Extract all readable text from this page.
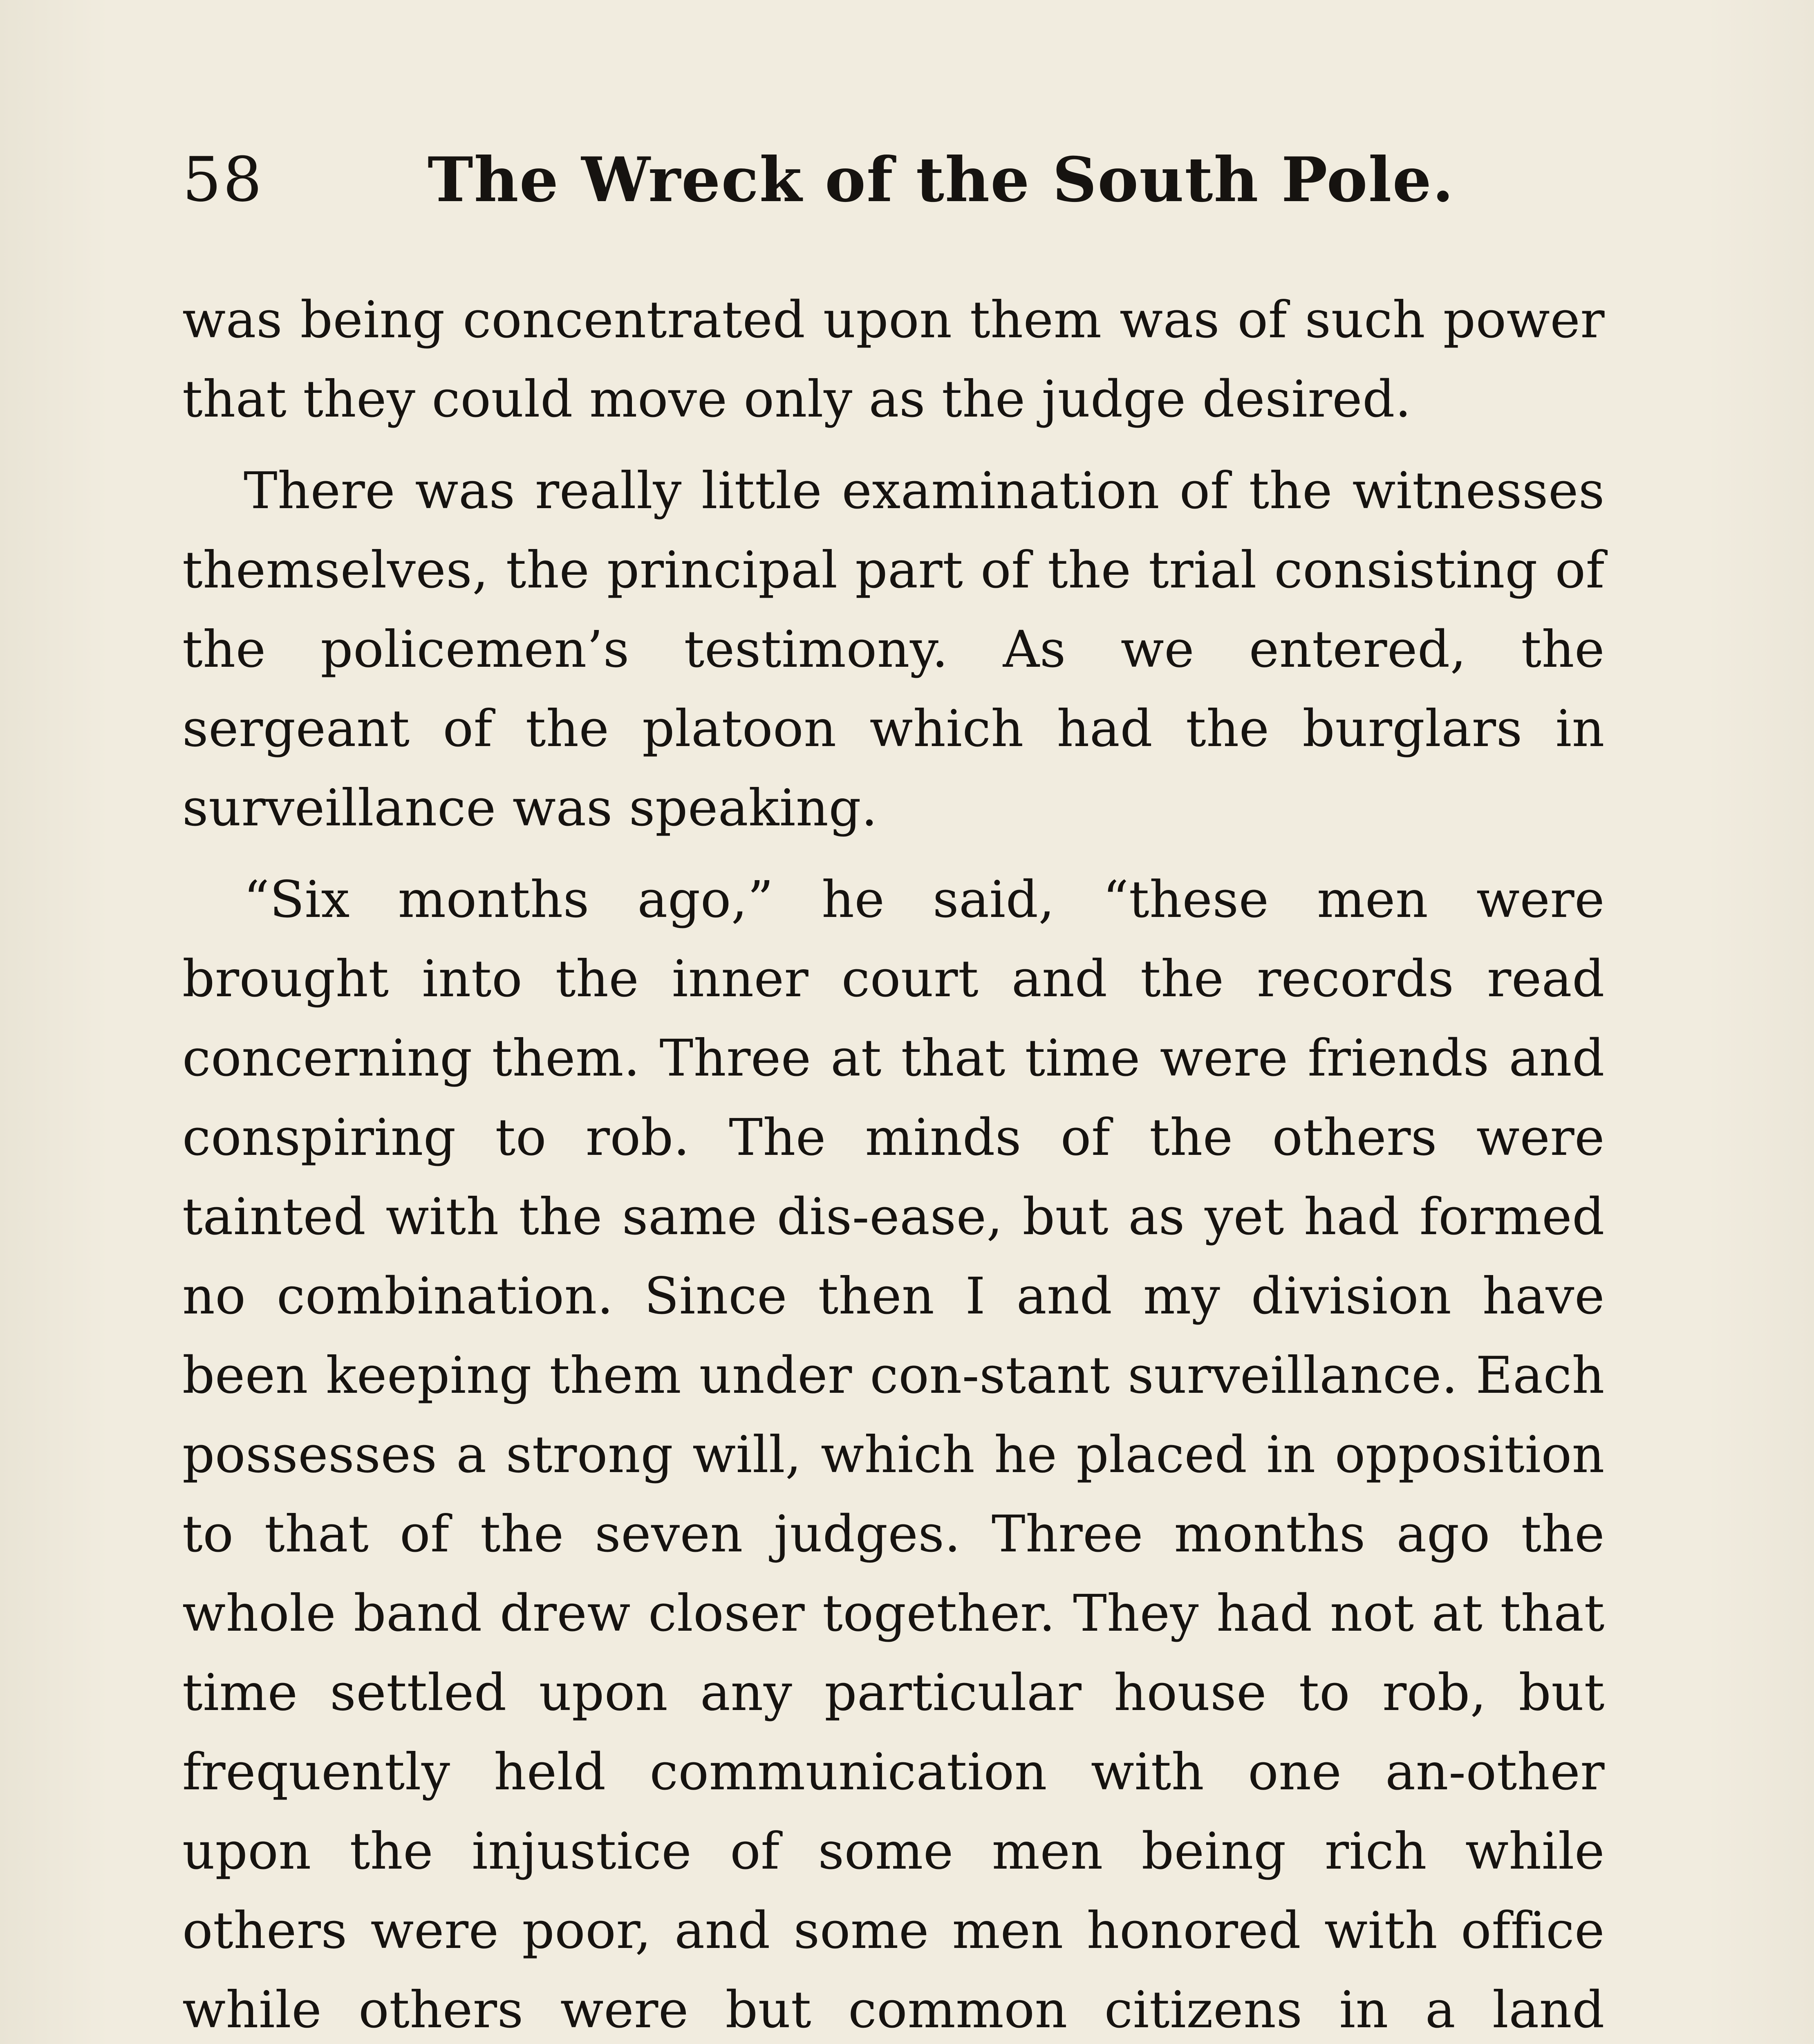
58	The Wreck of the South Pole.

was being concentrated upon them was of such power that they could move only as the judge desired.

There was really little examination of the witnesses themselves, the principal part of the trial consisting of the policemen’s testimony. As we entered, the sergeant of the platoon which had the burglars in surveillance was speaking.

“Six months ago,” he said, “these men were brought into the inner court and the records read concerning them. Three at that time were friends and conspiring to rob. The minds of the others were tainted with the same dis-ease, but as yet had formed no combination. Since then I and my division have been keeping them under con-stant surveillance. Each possesses a strong will, which he placed in opposition to that of the seven judges. Three months ago the whole band drew closer together. They had not at that time settled upon any particular house to rob, but frequently held communication with one an-other upon the injustice of some men being rich while others were poor, and some men honored with office while others were but common citizens in a land
